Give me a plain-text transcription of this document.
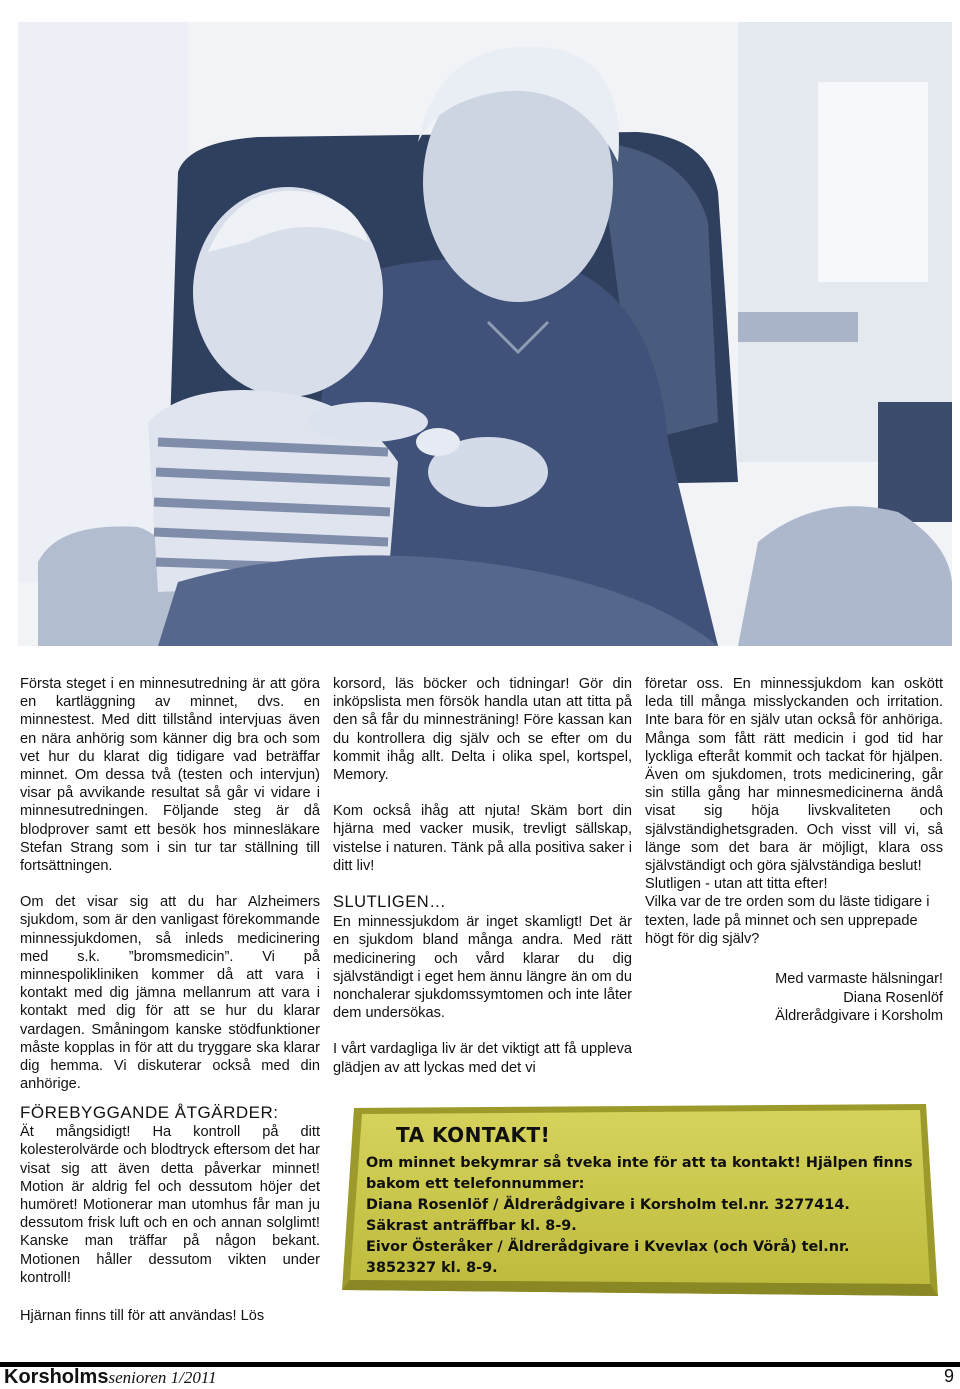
Första steget i en minnesutredning är att göra en kartläggning av minnet, dvs. en minnestest. Med ditt tillstånd intervjuas även en nära anhörig som känner dig bra och som vet hur du klarat dig tidigare vad beträffar minnet. Om dessa två (testen och intervjun) visar på avvikande resultat så går vi vidare i minnesutredningen. Följande steg är då blodprover samt ett besök hos minnesläkare Stefan Strang som i sin tur tar ställning till fortsättningen.

Om det visar sig att du har Alzheimers sjukdom, som är den vanligast förekommande minnessjukdomen, så inleds medicinering med s.k. ”bromsmedicin”. Vi på minnespolikliniken kommer då att vara i kontakt med dig jämna mellanrum att vara i kontakt med dig för att se hur du klarar vardagen. Småningom kanske stödfunktioner måste kopplas in för att du tryggare ska klarar dig hemma. Vi diskuterar också med din anhörige.

korsord, läs böcker och tidningar! Gör din inköpslista men försök handla utan att titta på den så får du minnesträning! Före kassan kan du kontrollera dig själv och se efter om du kommit ihåg allt. Delta i olika spel, kortspel, Memory.

Kom också ihåg att njuta! Skäm bort din hjärna med vacker musik, trevligt sällskap, vistelse i naturen. Tänk på alla positiva saker i ditt liv!

SLUTLIGEN…

En minnessjukdom är inget skamligt! Det är en sjukdom bland många andra. Med rätt medicinering och vård klarar du dig självständigt i eget hem ännu längre än om du nonchalerar sjukdomssymtomen och inte låter dem undersökas.

I vårt vardagliga liv är det viktigt att få uppleva glädjen av att lyckas med det vi

företar oss. En minnessjukdom kan oskött leda till många misslyckanden och irritation. Inte bara för en själv utan också för anhöriga. Många som fått rätt medicin i god tid har lyckliga efteråt kommit och tackat för hjälpen. Även om sjukdomen, trots medicinering, går sin stilla gång har minnesmedicinerna ändå visat sig höja livskvaliteten och självständighetsgraden. Och visst vill vi, så länge som det bara är möjligt, klara oss självständigt och göra självständiga beslut!

Slutligen - utan att titta efter!

Vilka var de tre orden som du läste tidigare i texten, lade på minnet och sen upprepade högt för dig själv?

Med varmaste hälsningar!
Diana Rosenlöf
Äldrerådgivare i Korsholm
FÖREBYGGANDE ÅTGÄRDER:
Ät mångsidigt! Ha kontroll på ditt kolesterolvärde och blodtryck eftersom det har visat sig att även detta påverkar minnet! Motion är aldrig fel och dessutom höjer det humöret! Motionerar man utomhus får man ju dessutom frisk luft och en och annan solglimt! Kanske man träffar på någon bekant. Motionen håller dessutom vikten under kontroll!
Hjärnan finns till för att användas! Lös
TA KONTAKT!
Om minnet bekymrar så tveka inte för att ta kontakt! Hjälpen finns bakom ett telefonnummer:
Diana Rosenlöf / Äldrerådgivare i Korsholm tel.nr. 3277414. Säkrast anträffbar kl. 8-9.
Eivor Österåker / Äldrerådgivare i Kvevlax (och Vörå) tel.nr. 3852327 kl. 8-9.
Korsholmssenioren 1/2011	9
